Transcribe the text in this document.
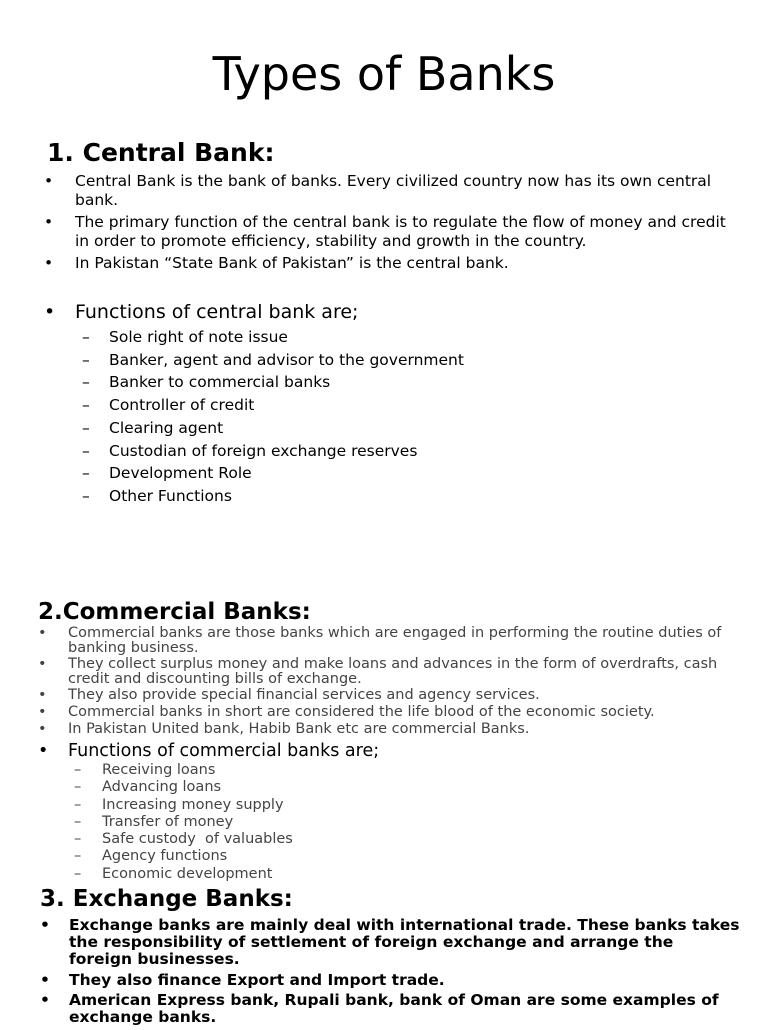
Types of Banks
1. Central Bank:
• Central Bank is the bank of banks. Every civilized country now has its own central bank.
• The primary function of the central bank is to regulate the flow of money and credit in order to promote efficiency, stability and growth in the country.
• In Pakistan “State Bank of Pakistan” is the central bank.
• Functions of central bank are;
– Sole right of note issue
– Banker, agent and advisor to the government
– Banker to commercial banks
– Controller of credit
– Clearing agent
– Custodian of foreign exchange reserves
– Development Role
– Other Functions
2.Commercial Banks:
• Commercial banks are those banks which are engaged in performing the routine duties of banking business.
• They collect surplus money and make loans and advances in the form of overdrafts, cash credit and discounting bills of exchange.
• They also provide special financial services and agency services.
• Commercial banks in short are considered the life blood of the economic society.
• In Pakistan United bank, Habib Bank etc are commercial Banks.
• Functions of commercial banks are;
– Receiving loans
– Advancing loans
– Increasing money supply
– Transfer of money
– Safe custody  of valuables
– Agency functions
– Economic development
3. Exchange Banks:
• Exchange banks are mainly deal with international trade. These banks takes the responsibility of settlement of foreign exchange and arrange the foreign businesses.
• They also finance Export and Import trade.
• American Express bank, Rupali bank, bank of Oman are some examples of exchange banks.
